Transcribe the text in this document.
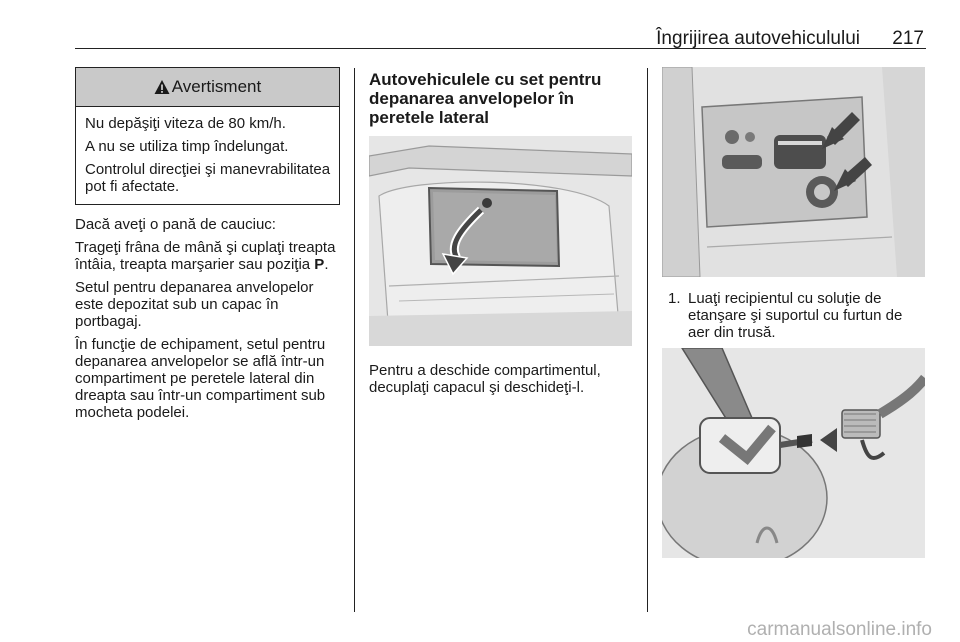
Îngrijirea autovehiculului 217
Avertisment

Nu depăşiţi viteza de 80 km/h.

A nu se utiliza timp îndelungat.

Controlul direcţiei şi manevrabilitatea pot fi afectate.

Dacă aveţi o pană de cauciuc:

Trageţi frâna de mână şi cuplaţi treapta întâia, treapta marşarier sau poziţia P.

Setul pentru depanarea anvelopelor este depozitat sub un capac în portbagaj.

În funcţie de echipament, setul pentru depanarea anvelopelor se află într-un compartiment pe peretele lateral din dreapta sau într-un compartiment sub mocheta podelei.

Autovehiculele cu set pentru depanarea anvelopelor în peretele lateral
Pentru a deschide compartimentul, decuplaţi capacul şi deschideţi-l.
1. Luaţi recipientul cu soluţie de etanşare şi suportul cu furtun de aer din trusă.
carmanualsonline.info
